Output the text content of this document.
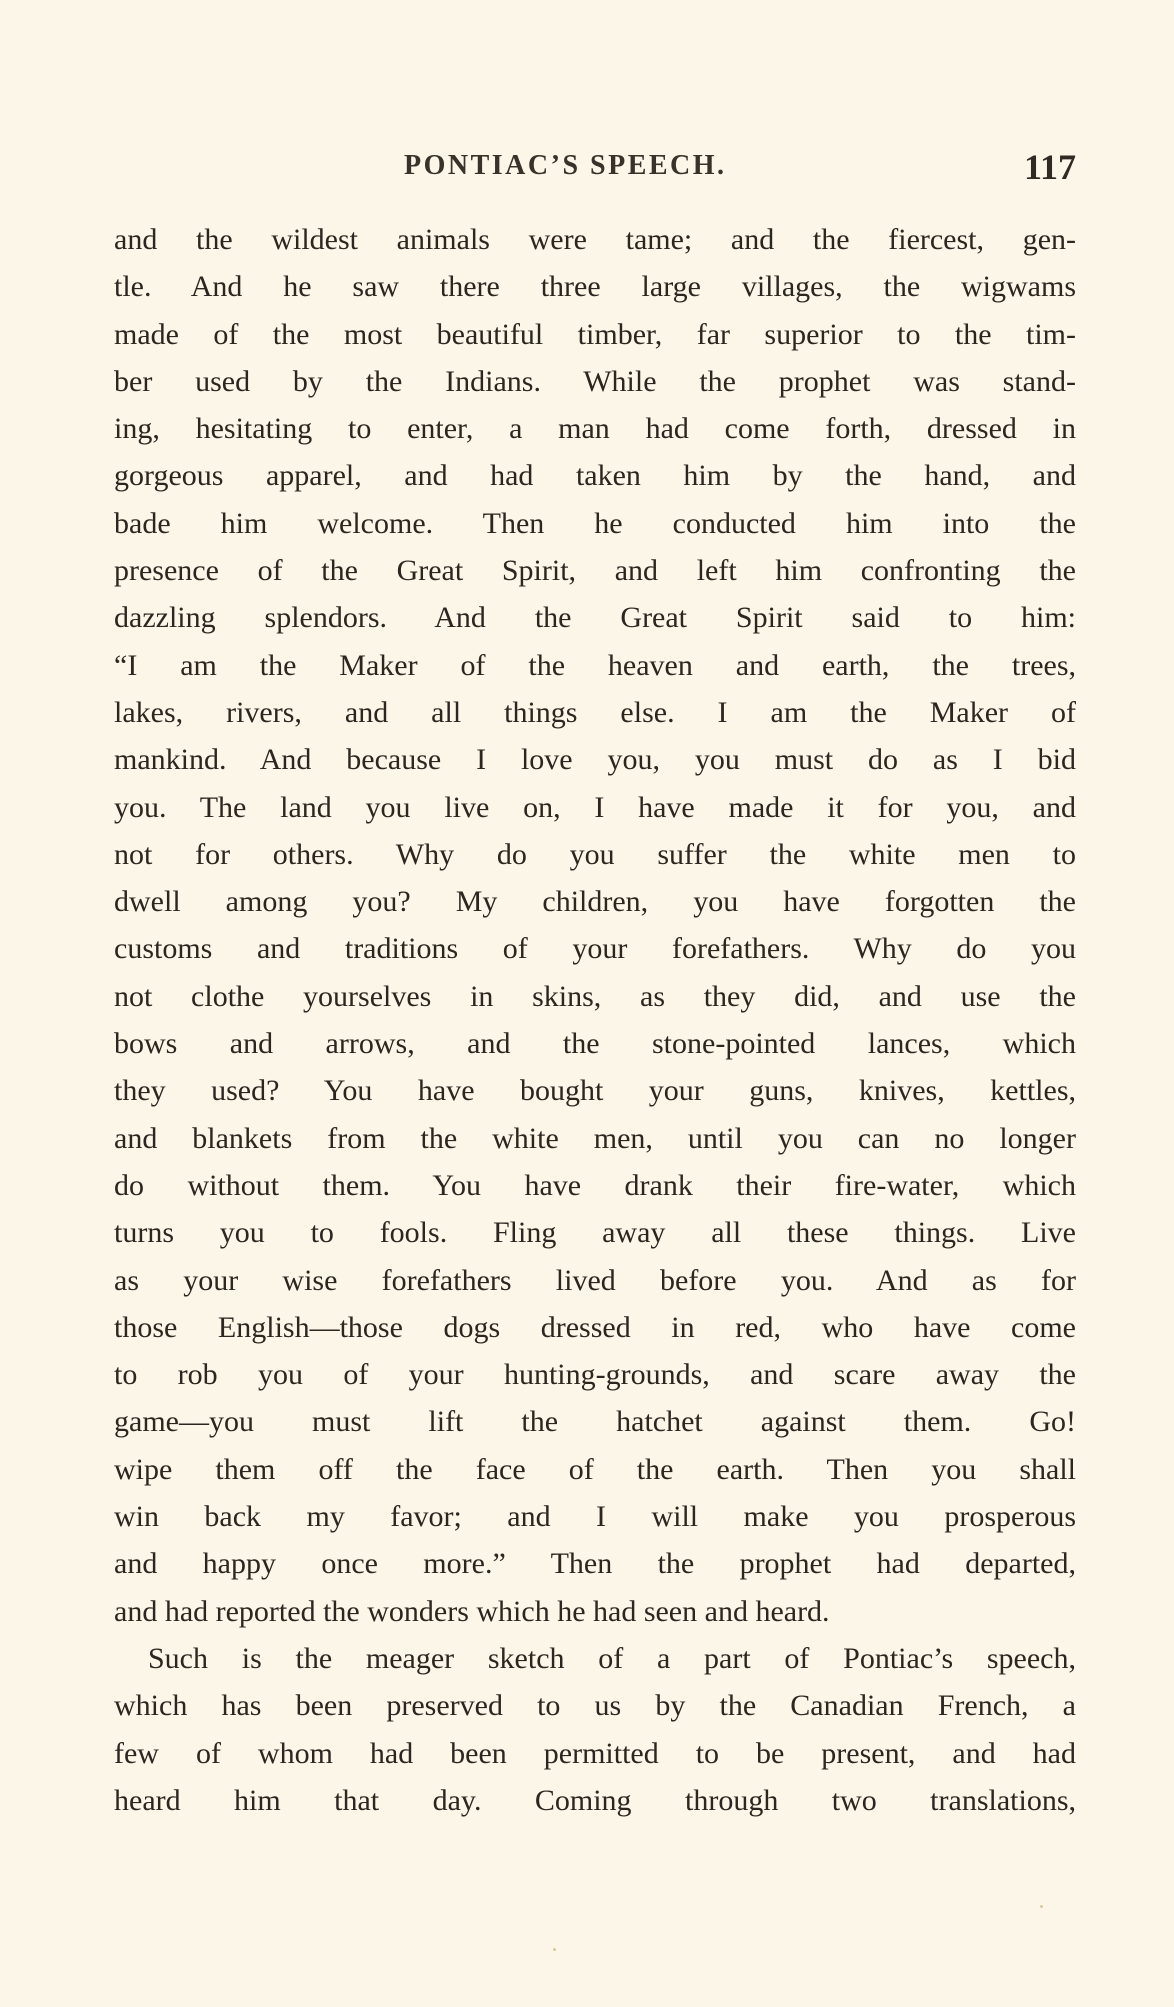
PONTIAC’S SPEECH.	117
and the wildest animals were tame; and the fiercest, gen-
tle. And he saw there three large villages, the wigwams
made of the most beautiful timber, far superior to the tim-
ber used by the Indians. While the prophet was stand-
ing, hesitating to enter, a man had come forth, dressed in
gorgeous apparel, and had taken him by the hand, and
bade him welcome. Then he conducted him into the
presence of the Great Spirit, and left him confronting the
dazzling splendors. And the Great Spirit said to him:
“I am the Maker of the heaven and earth, the trees,
lakes, rivers, and all things else. I am the Maker of
mankind. And because I love you, you must do as I bid
you. The land you live on, I have made it for you, and
not for others. Why do you suffer the white men to
dwell among you? My children, you have forgotten the
customs and traditions of your forefathers. Why do you
not clothe yourselves in skins, as they did, and use the
bows and arrows, and the stone-pointed lances, which
they used? You have bought your guns, knives, kettles,
and blankets from the white men, until you can no longer
do without them. You have drank their fire-water, which
turns you to fools. Fling away all these things. Live
as your wise forefathers lived before you. And as for
those English—those dogs dressed in red, who have come
to rob you of your hunting-grounds, and scare away the
game—you must lift the hatchet against them. Go!
wipe them off the face of the earth. Then you shall
win back my favor; and I will make you prosperous
and happy once more.” Then the prophet had departed,
and had reported the wonders which he had seen and heard.
Such is the meager sketch of a part of Pontiac’s speech,
which has been preserved to us by the Canadian French, a
few of whom had been permitted to be present, and had
heard him that day. Coming through two translations,
